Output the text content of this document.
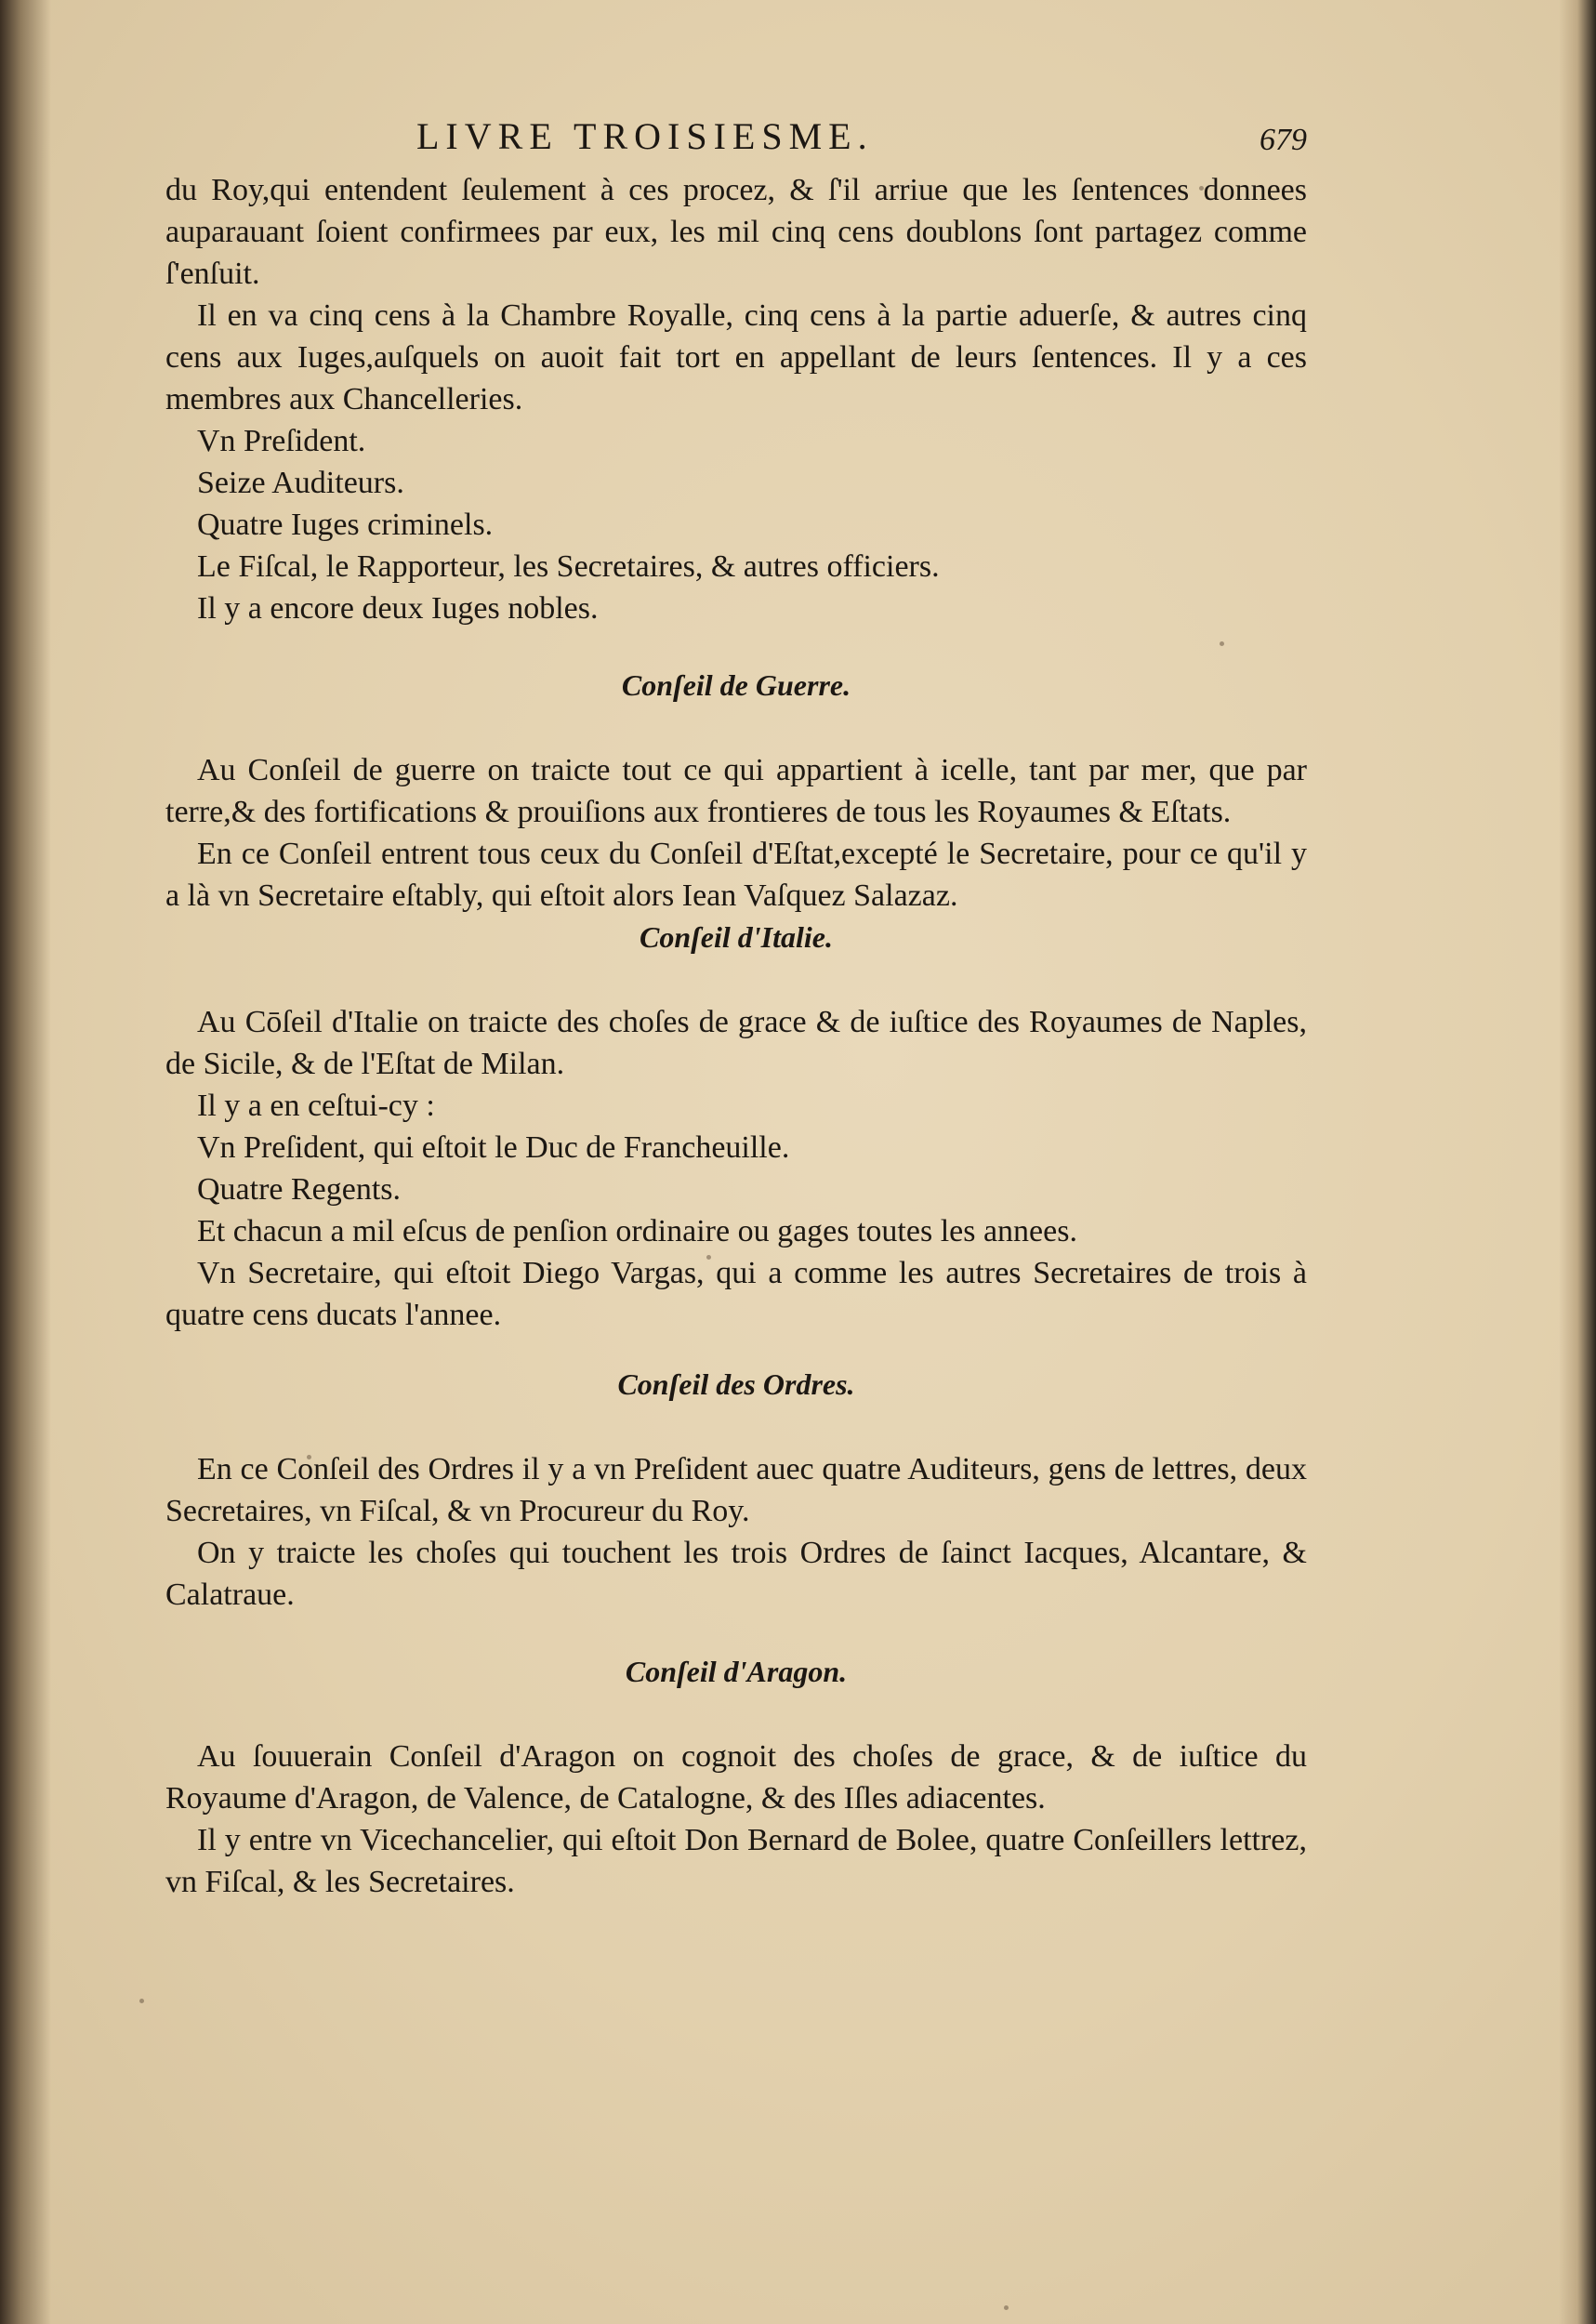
LIVRE TROISIESME.	679

du Roy,qui entendent ſeulement à ces procez, & ſ'il arriue que les ſentences donnees auparauant ſoient confirmees par eux, les mil cinq cens doublons ſont partagez comme ſ'enſuit.

Il en va cinq cens à la Chambre Royalle, cinq cens à la partie aduerſe, & autres cinq cens aux Iuges,auſquels on auoit fait tort en appellant de leurs ſentences. Il y a ces membres aux Chancelleries.

Vn Preſident.

Seize Auditeurs.

Quatre Iuges criminels.

Le Fiſcal, le Rapporteur, les Secretaires, & autres officiers.

Il y a encore deux Iuges nobles.

Conſeil de Guerre.

Au Conſeil de guerre on traicte tout ce qui appartient à icelle, tant par mer, que par terre,& des fortifications & prouiſions aux frontieres de tous les Royaumes & Eſtats.

En ce Conſeil entrent tous ceux du Conſeil d'Eſtat,excepté le Secretaire, pour ce qu'il y a là vn Secretaire eſtably, qui eſtoit alors Iean Vaſquez Salazaz.

Conſeil d'Italie.

Au Cōſeil d'Italie on traicte des choſes de grace & de iuſtice des Royaumes de Naples, de Sicile, & de l'Eſtat de Milan.

Il y a en ceſtui-cy :

Vn Preſident, qui eſtoit le Duc de Francheuille.

Quatre Regents.

Et chacun a mil eſcus de penſion ordinaire ou gages toutes les annees.

Vn Secretaire, qui eſtoit Diego Vargas, qui a comme les autres Secretaires de trois à quatre cens ducats l'annee.

Conſeil des Ordres.

En ce Conſeil des Ordres il y a vn Preſident auec quatre Auditeurs, gens de lettres, deux Secretaires, vn Fiſcal, & vn Procureur du Roy.

On y traicte les choſes qui touchent les trois Ordres de ſainct Iacques, Alcantare, & Calatraue.

Conſeil d'Aragon.

Au ſouuerain Conſeil d'Aragon on cognoit des choſes de grace, & de iuſtice du Royaume d'Aragon, de Valence, de Catalogne, & des Iſles adiacentes.

Il y entre vn Vicechancelier, qui eſtoit Don Bernard de Bolee, quatre Conſeillers lettrez, vn Fiſcal, & les Secretaires.
